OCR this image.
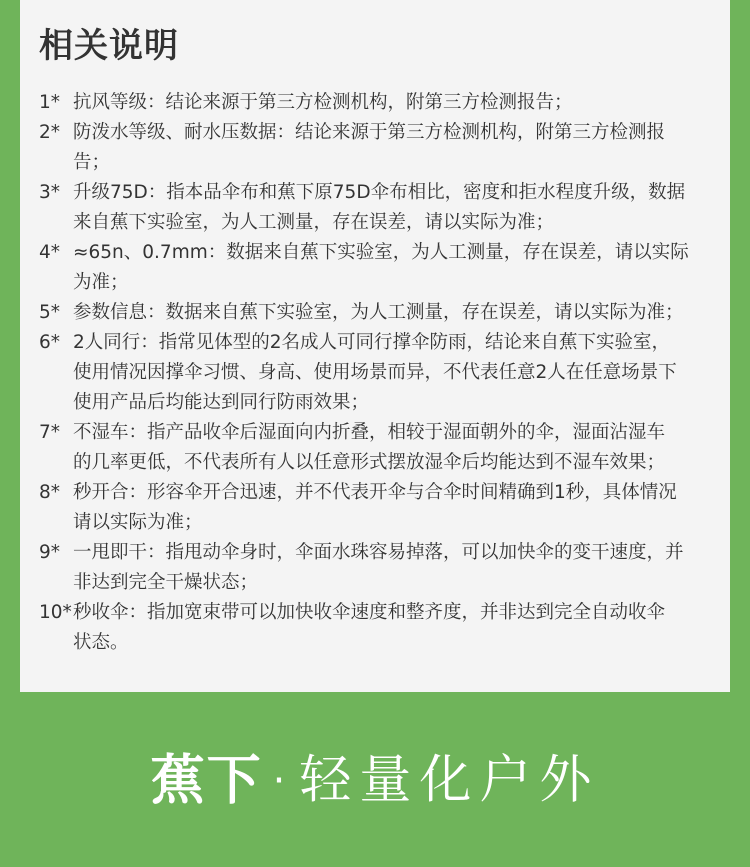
相关说明
1* 抗风等级：结论来源于第三方检测机构，附第三方检测报告；
2* 防泼水等级、耐水压数据：结论来源于第三方检测机构，附第三方检测报
告；
3* 升级75D：指本品伞布和蕉下原75D伞布相比，密度和拒水程度升级，数据
来自蕉下实验室，为人工测量，存在误差，请以实际为准；
4* ≈65n、0.7mm：数据来自蕉下实验室，为人工测量，存在误差，请以实际
为准；
5* 参数信息：数据来自蕉下实验室，为人工测量，存在误差，请以实际为准；
6* 2人同行：指常见体型的2名成人可同行撑伞防雨，结论来自蕉下实验室，
使用情况因撑伞习惯、身高、使用场景而异，不代表任意2人在任意场景下
使用产品后均能达到同行防雨效果；
7* 不湿车：指产品收伞后湿面向内折叠，相较于湿面朝外的伞，湿面沾湿车
的几率更低，不代表所有人以任意形式摆放湿伞后均能达到不湿车效果；
8* 秒开合：形容伞开合迅速，并不代表开伞与合伞时间精确到1秒，具体情况
请以实际为准；
9* 一甩即干：指甩动伞身时，伞面水珠容易掉落，可以加快伞的变干速度，并
非达到完全干燥状态；
10* 秒收伞：指加宽束带可以加快收伞速度和整齐度，并非达到完全自动收伞
状态。
蕉下 · 轻量化户外
